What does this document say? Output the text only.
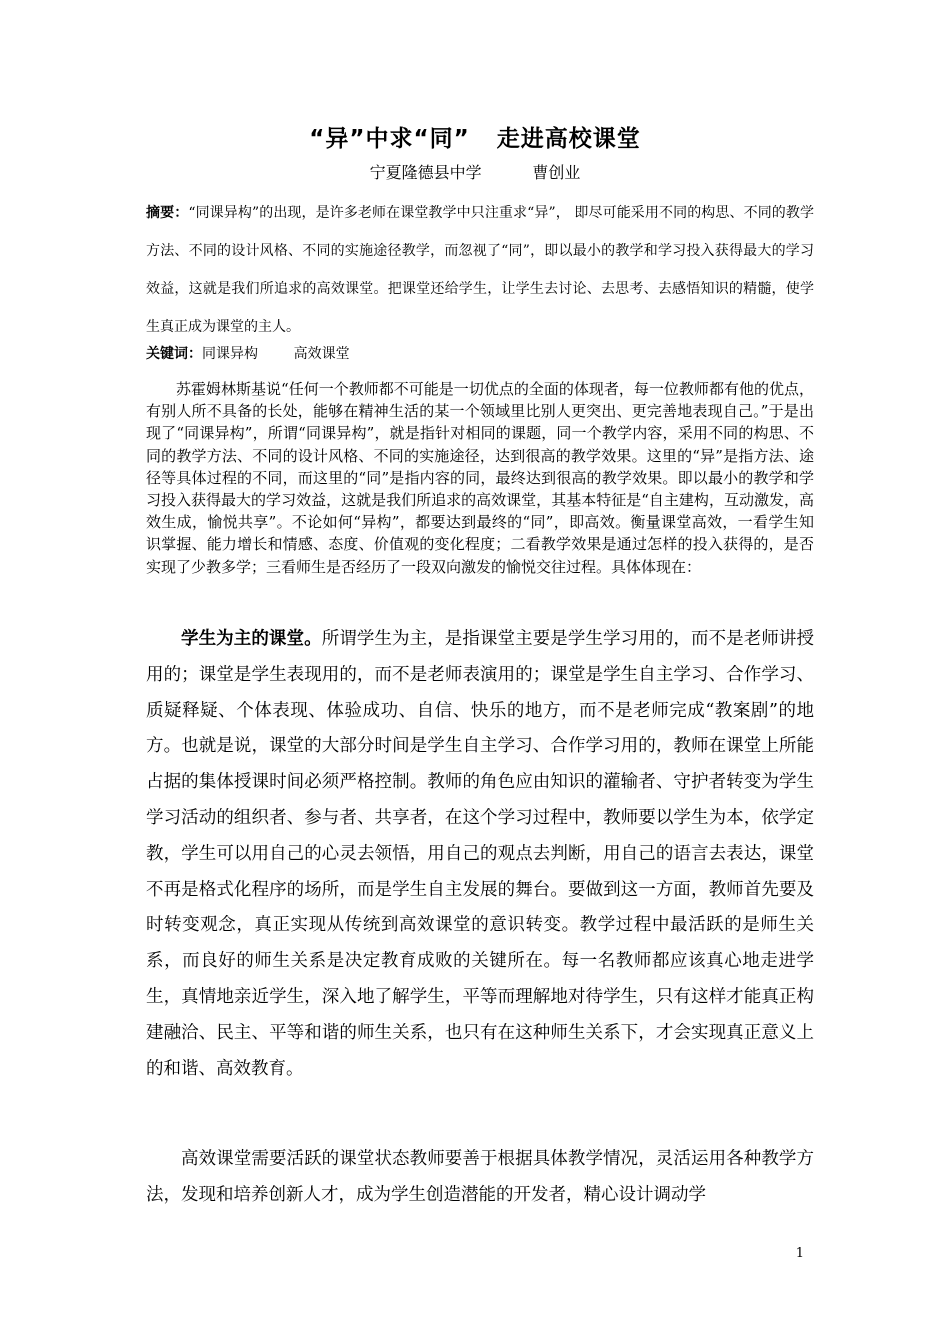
“异”中求“同”   走进高校课堂
宁夏隆德县中学          曹创业

摘要：“同课异构”的出现，是许多老师在课堂教学中只注重求“异”， 即尽可能采用不同的构思、不同的教学方法、不同的设计风格、不同的实施途径教学，而忽视了“同”，即以最小的教学和学习投入获得最大的学习效益，这就是我们所追求的高效课堂。把课堂还给学生，让学生去讨论、去思考、去感悟知识的精髓，使学生真正成为课堂的主人。

关键词：同课异构        高效课堂

苏霍姆林斯基说“任何一个教师都不可能是一切优点的全面的体现者，每一位教师都有他的优点，有别人所不具备的长处，能够在精神生活的某一个领域里比别人更突出、更完善地表现自己。”于是出现了“同课异构”，所谓“同课异构”，就是指针对相同的课题，同一个教学内容，采用不同的构思、不同的教学方法、不同的设计风格、不同的实施途径，达到很高的教学效果。这里的“异”是指方法、途径等具体过程的不同，而这里的“同”是指内容的同，最终达到很高的教学效果。即以最小的教学和学习投入获得最大的学习效益，这就是我们所追求的高效课堂，其基本特征是“自主建构，互动激发，高效生成，愉悦共享”。不论如何“异构”，都要达到最终的“同”，即高效。衡量课堂高效，一看学生知识掌握、能力增长和情感、态度、价值观的变化程度；二看教学效果是通过怎样的投入获得的，是否实现了少教多学；三看师生是否经历了一段双向激发的愉悦交往过程。具体体现在：

学生为主的课堂。所谓学生为主，是指课堂主要是学生学习用的，而不是老师讲授用的；课堂是学生表现用的，而不是老师表演用的；课堂是学生自主学习、合作学习、质疑释疑、个体表现、体验成功、自信、快乐的地方，而不是老师完成“教案剧”的地方。也就是说，课堂的大部分时间是学生自主学习、合作学习用的，教师在课堂上所能占据的集体授课时间必须严格控制。教师的角色应由知识的灌输者、守护者转变为学生学习活动的组织者、参与者、共享者，在这个学习过程中，教师要以学生为本，依学定教，学生可以用自己的心灵去领悟，用自己的观点去判断，用自己的语言去表达，课堂不再是格式化程序的场所，而是学生自主发展的舞台。要做到这一方面，教师首先要及时转变观念，真正实现从传统到高效课堂的意识转变。教学过程中最活跃的是师生关系，而良好的师生关系是决定教育成败的关键所在。每一名教师都应该真心地走进学生，真情地亲近学生，深入地了解学生，平等而理解地对待学生，只有这样才能真正构建融洽、民主、平等和谐的师生关系，也只有在这种师生关系下，才会实现真正意义上的和谐、高效教育。

高效课堂需要活跃的课堂状态教师要善于根据具体教学情况，灵活运用各种教学方法，发现和培养创新人才，成为学生创造潜能的开发者，精心设计调动学

1
